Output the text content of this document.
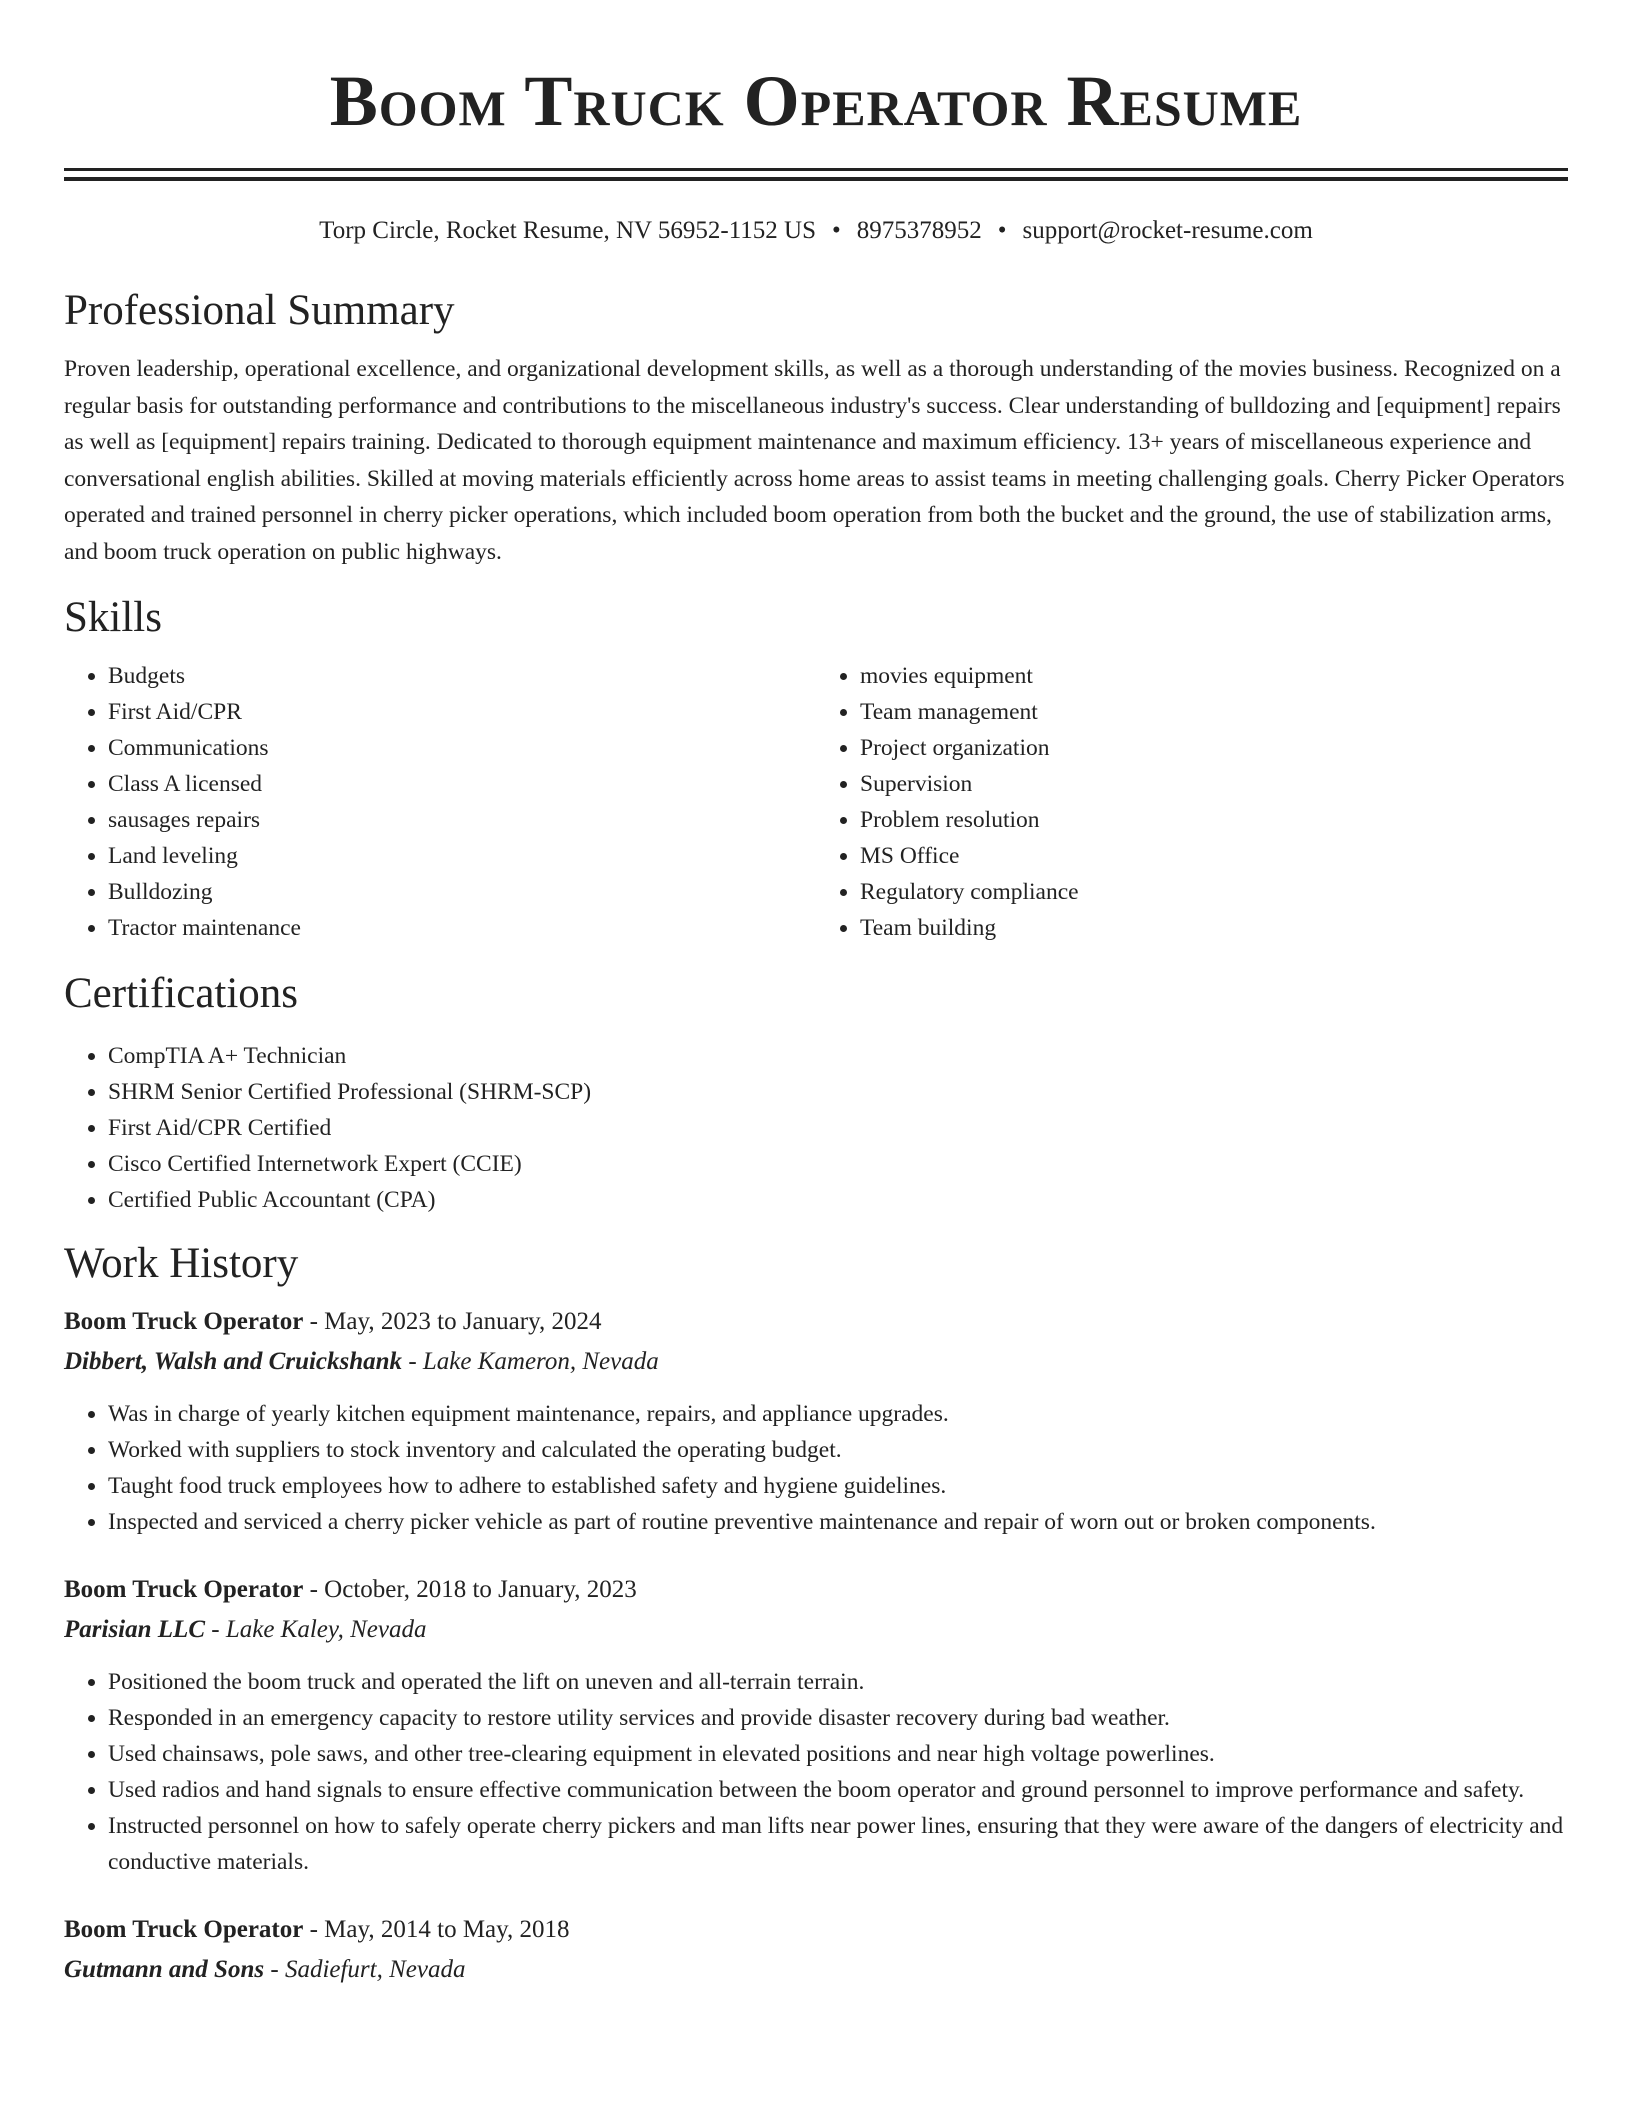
Boom Truck Operator Resume
Torp Circle, Rocket Resume, NV 56952-1152 US • 8975378952 • support@rocket-resume.com
Professional Summary

Proven leadership, operational excellence, and organizational development skills, as well as a thorough understanding of the movies business. Recognized on a regular basis for outstanding performance and contributions to the miscellaneous industry's success. Clear understanding of bulldozing and [equipment] repairs as well as [equipment] repairs training. Dedicated to thorough equipment maintenance and maximum efficiency. 13+ years of miscellaneous experience and conversational english abilities. Skilled at moving materials efficiently across home areas to assist teams in meeting challenging goals. Cherry Picker Operators operated and trained personnel in cherry picker operations, which included boom operation from both the bucket and the ground, the use of stabilization arms, and boom truck operation on public highways.

Skills
• Budgets
• First Aid/CPR
• Communications
• Class A licensed
• sausages repairs
• Land leveling
• Bulldozing
• Tractor maintenance
• movies equipment
• Team management
• Project organization
• Supervision
• Problem resolution
• MS Office
• Regulatory compliance
• Team building
Certifications
• CompTIA A+ Technician
• SHRM Senior Certified Professional (SHRM-SCP)
• First Aid/CPR Certified
• Cisco Certified Internetwork Expert (CCIE)
• Certified Public Accountant (CPA)
Work History
Boom Truck Operator - May, 2023 to January, 2024
Dibbert, Walsh and Cruickshank - Lake Kameron, Nevada
• Was in charge of yearly kitchen equipment maintenance, repairs, and appliance upgrades.
• Worked with suppliers to stock inventory and calculated the operating budget.
• Taught food truck employees how to adhere to established safety and hygiene guidelines.
• Inspected and serviced a cherry picker vehicle as part of routine preventive maintenance and repair of worn out or broken components.
Boom Truck Operator - October, 2018 to January, 2023
Parisian LLC - Lake Kaley, Nevada
• Positioned the boom truck and operated the lift on uneven and all-terrain terrain.
• Responded in an emergency capacity to restore utility services and provide disaster recovery during bad weather.
• Used chainsaws, pole saws, and other tree-clearing equipment in elevated positions and near high voltage powerlines.
• Used radios and hand signals to ensure effective communication between the boom operator and ground personnel to improve performance and safety.
• Instructed personnel on how to safely operate cherry pickers and man lifts near power lines, ensuring that they were aware of the dangers of electricity and conductive materials.
Boom Truck Operator - May, 2014 to May, 2018
Gutmann and Sons - Sadiefurt, Nevada
